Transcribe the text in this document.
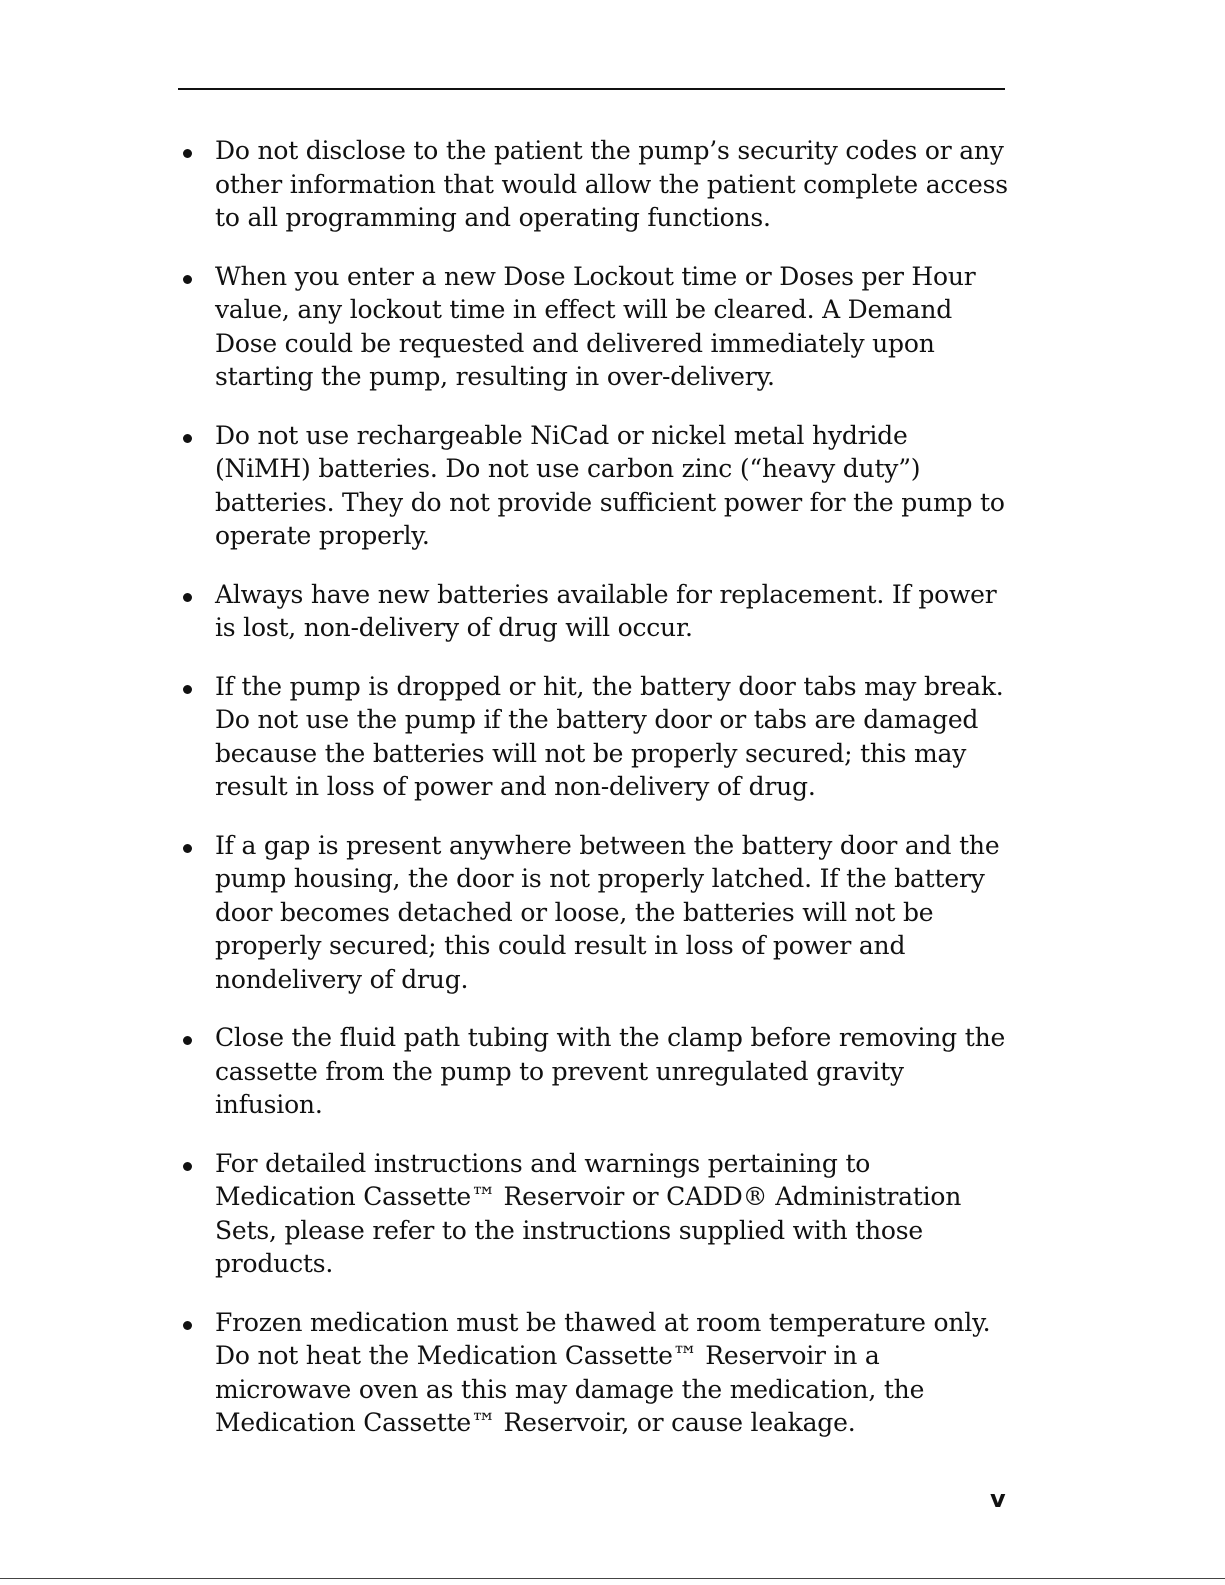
Do not disclose to the patient the pump’s security codes or any other information that would allow the patient complete access to all programming and operating functions.
When you enter a new Dose Lockout time or Doses per Hour value, any lockout time in effect will be cleared. A Demand Dose could be requested and delivered immediately upon starting the pump, resulting in over-delivery.
Do not use rechargeable NiCad or nickel metal hydride (NiMH) batteries. Do not use carbon zinc (“heavy duty”) batteries. They do not provide sufficient power for the pump to operate properly.
Always have new batteries available for replacement. If power is lost, non-delivery of drug will occur.
If the pump is dropped or hit, the battery door tabs may break. Do not use the pump if the battery door or tabs are damaged because the batteries will not be properly secured; this may result in loss of power and non-delivery of drug.
If a gap is present anywhere between the battery door and the pump housing, the door is not properly latched. If the battery door becomes detached or loose, the batteries will not be properly secured; this could result in loss of power and nondelivery of drug.
Close the fluid path tubing with the clamp before removing the cassette from the pump to prevent unregulated gravity infusion.
For detailed instructions and warnings pertaining to Medication Cassette™ Reservoir or CADD® Administration Sets, please refer to the instructions supplied with those products.
Frozen medication must be thawed at room temperature only. Do not heat the Medication Cassette™ Reservoir in a microwave oven as this may damage the medication, the Medication Cassette™ Reservoir, or cause leakage.
v
